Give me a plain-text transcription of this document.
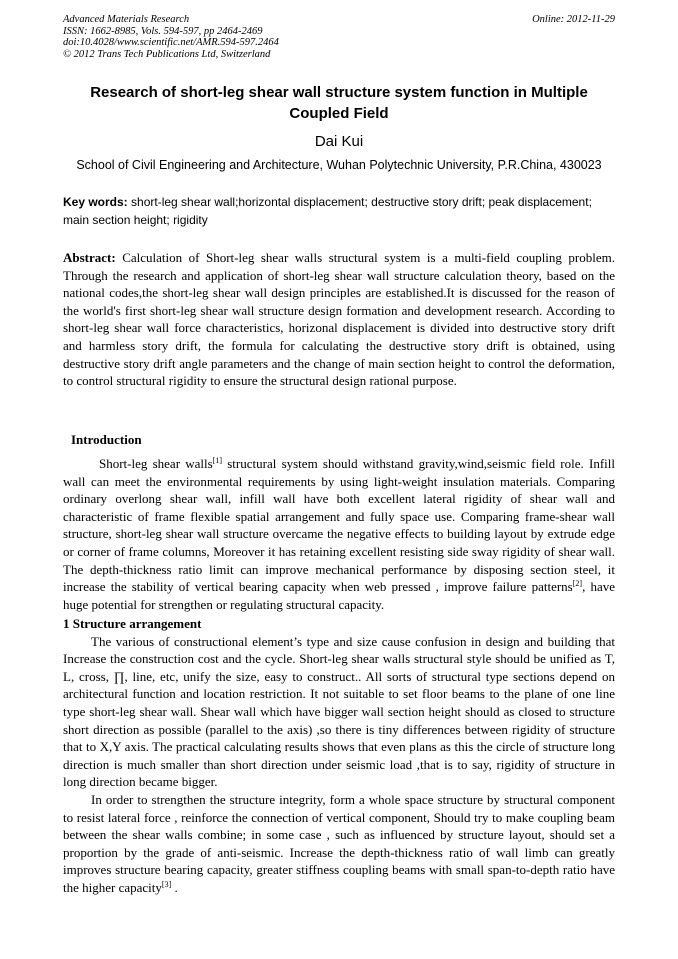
Advanced Materials Research
ISSN: 1662-8985, Vols. 594-597, pp 2464-2469
doi:10.4028/www.scientific.net/AMR.594-597.2464
© 2012 Trans Tech Publications Ltd, Switzerland
Online: 2012-11-29
Research of short-leg shear wall structure system function in Multiple Coupled Field
Dai Kui
School of Civil Engineering and Architecture, Wuhan Polytechnic University, P.R.China, 430023
Key words: short-leg shear wall;horizontal displacement; destructive story drift; peak displacement; main section height; rigidity
Abstract: Calculation of Short-leg shear walls structural system is a multi-field coupling problem. Through the research and application of short-leg shear wall structure calculation theory, based on the national codes,the short-leg shear wall design principles are established.It is discussed for the reason of the world's first short-leg shear wall structure design formation and development research. According to short-leg shear wall force characteristics, horizonal displacement is divided into destructive story drift and harmless story drift, the formula for calculating the destructive story drift is obtained, using destructive story drift angle parameters and the change of main section height to control the deformation, to control structural rigidity to ensure the structural design rational purpose.
Introduction
Short-leg shear walls[1] structural system should withstand gravity,wind,seismic field role. Infill wall can meet the environmental requirements by using light-weight insulation materials. Comparing ordinary overlong shear wall, infill wall have both excellent lateral rigidity of shear wall and characteristic of frame flexible spatial arrangement and fully space use. Comparing frame-shear wall structure, short-leg shear wall structure overcame the negative effects to building layout by extrude edge or corner of frame columns, Moreover it has retaining excellent resisting side sway rigidity of shear wall. The depth-thickness ratio limit can improve mechanical performance by disposing section steel, it increase the stability of vertical bearing capacity when web pressed , improve failure patterns[2], have huge potential for strengthen or regulating structural capacity.

1 Structure arrangement

The various of constructional element’s type and size cause confusion in design and building that Increase the construction cost and the cycle. Short-leg shear walls structural style should be unified as T, L, cross, ∏, line, etc, unify the size, easy to construct.. All sorts of structural type sections depend on architectural function and location restriction. It not suitable to set floor beams to the plane of one line type short-leg shear wall. Shear wall which have bigger wall section height should as closed to structure short direction as possible (parallel to the axis) ,so there is tiny differences between rigidity of structure that to X,Y axis. The practical calculating results shows that even plans as this the circle of structure long direction is much smaller than short direction under seismic load ,that is to say, rigidity of structure in long direction became bigger.

In order to strengthen the structure integrity, form a whole space structure by structural component to resist lateral force , reinforce the connection of vertical component, Should try to make coupling beam between the shear walls combine; in some case , such as influenced by structure layout, should set a proportion by the grade of anti-seismic. Increase the depth-thickness ratio of wall limb can greatly improves structure bearing capacity, greater stiffness coupling beams with small span-to-depth ratio have the higher capacity[3] .
